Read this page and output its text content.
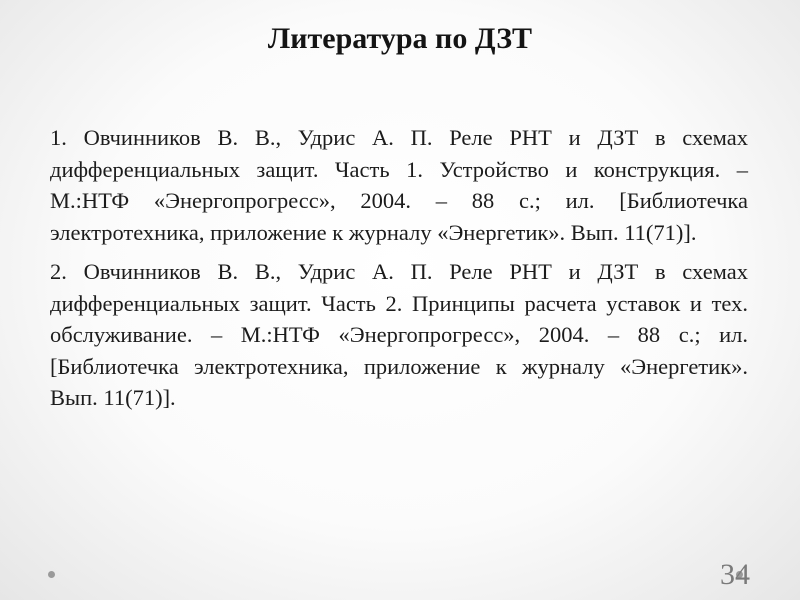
Литература по ДЗТ
1. Овчинников В. В., Удрис А. П. Реле РНТ и ДЗТ в схемах дифференциальных защит. Часть 1. Устройство и конструкция. – М.:НТФ «Энергопрогресс», 2004. – 88 с.; ил. [Библиотечка электротехника, приложение к журналу «Энергетик». Вып. 11(71)].
2. Овчинников В. В., Удрис А. П. Реле РНТ и ДЗТ в схемах дифференциальных защит. Часть 2. Принципы расчета уставок и тех. обслуживание. – М.:НТФ «Энергопрогресс», 2004. – 88 с.; ил. [Библиотечка электротехника, приложение к журналу «Энергетик». Вып. 11(71)].
34
